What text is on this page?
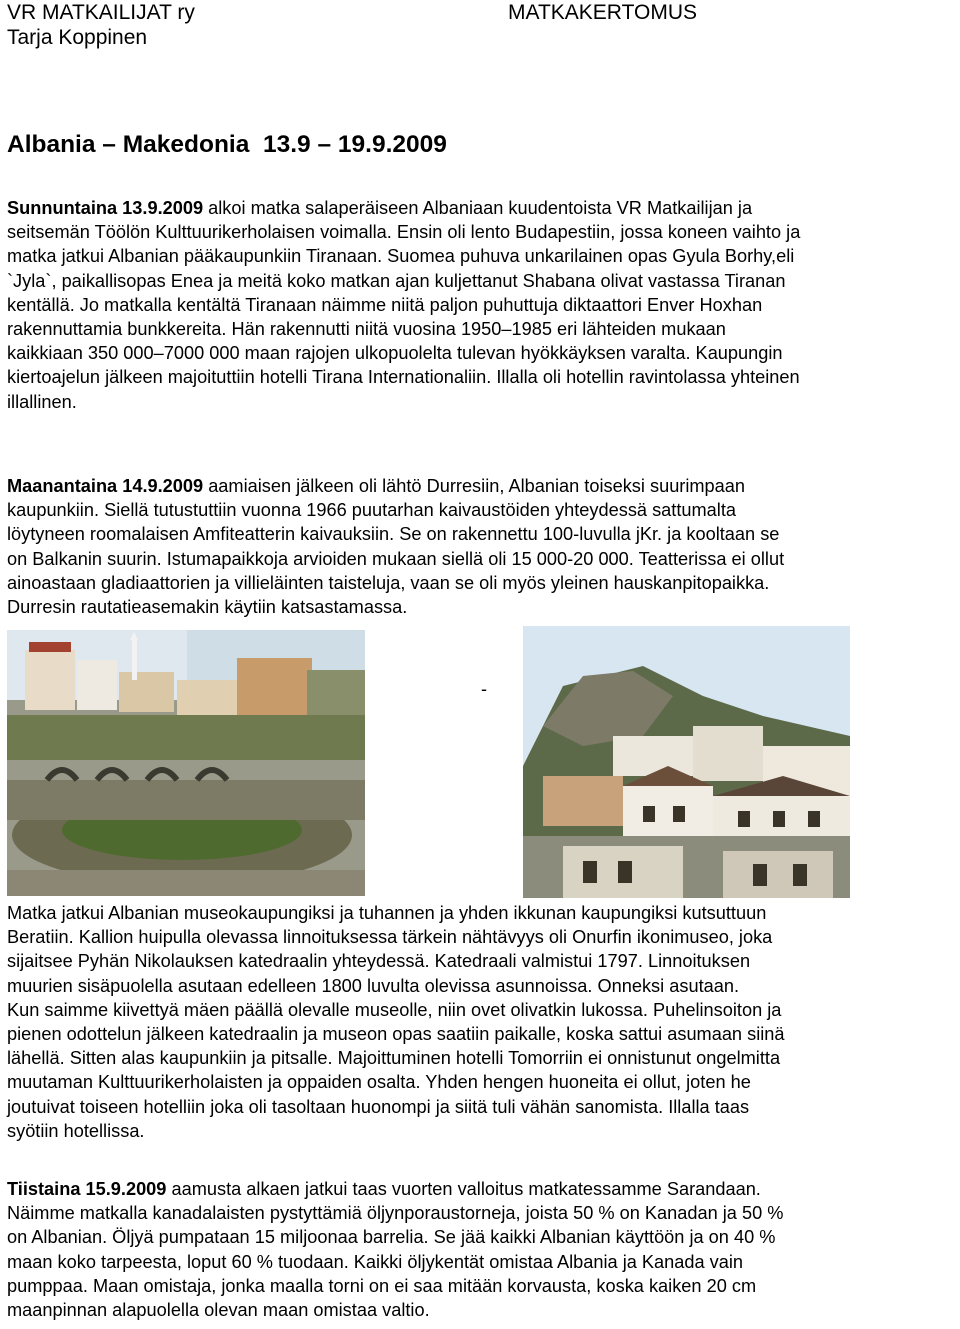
VR MATKAILIJAT ry
Tarja Koppinen
MATKAKERTOMUS
Albania – Makedonia  13.9 – 19.9.2009
Sunnuntaina 13.9.2009 alkoi matka salaperäiseen Albaniaan kuudentoista VR Matkailijan ja
seitsemän Töölön Kulttuurikerholaisen voimalla. Ensin oli lento Budapestiin, jossa koneen vaihto ja
matka jatkui Albanian pääkaupunkiin Tiranaan. Suomea puhuva unkarilainen opas Gyula Borhy,eli
`Jyla`, paikallisopas Enea ja meitä koko matkan ajan kuljettanut Shabana olivat vastassa Tiranan
kentällä. Jo matkalla kentältä Tiranaan näimme niitä paljon puhuttuja diktaattori Enver Hoxhan
rakennuttamia bunkkereita. Hän rakennutti niitä vuosina 1950–1985 eri lähteiden mukaan
kaikkiaan 350 000–7000 000 maan rajojen ulkopuolelta tulevan hyökkäyksen varalta. Kaupungin
kiertoajelun jälkeen majoituttiin hotelli Tirana Internationaliin. Illalla oli hotellin ravintolassa yhteinen
illallinen.
Maanantaina 14.9.2009 aamiaisen jälkeen oli lähtö Durresiin, Albanian toiseksi suurimpaan
kaupunkiin. Siellä tutustuttiin vuonna 1966 puutarhan kaivaustöiden yhteydessä sattumalta
löytyneen roomalaisen Amfiteatterin kaivauksiin. Se on rakennettu 100-luvulla jKr. ja kooltaan se
on Balkanin suurin. Istumapaikkoja arvioiden mukaan siellä oli 15 000-20 000. Teatterissa ei ollut
ainoastaan gladiaattorien ja villieläinten taisteluja, vaan se oli myös yleinen hauskanpitopaikka.
Durresin rautatieasemakin käytiin katsastamassa.
-
Matka jatkui Albanian museokaupungiksi ja tuhannen ja yhden ikkunan kaupungiksi kutsuttuun
Beratiin. Kallion huipulla olevassa linnoituksessa tärkein nähtävyys oli Onurfin ikonimuseo, joka
sijaitsee Pyhän Nikolauksen katedraalin yhteydessä. Katedraali valmistui 1797. Linnoituksen
muurien sisäpuolella asutaan edelleen 1800 luvulta olevissa asunnoissa. Onneksi asutaan.
Kun saimme kiivettyä mäen päällä olevalle museolle, niin ovet olivatkin lukossa. Puhelinsoiton ja
pienen odottelun jälkeen katedraalin ja museon opas saatiin paikalle, koska sattui asumaan siinä
lähellä. Sitten alas kaupunkiin ja pitsalle. Majoittuminen hotelli Tomorriin ei onnistunut ongelmitta
muutaman Kulttuurikerholaisten ja oppaiden osalta. Yhden hengen huoneita ei ollut, joten he
joutuivat toiseen hotelliin joka oli tasoltaan huonompi ja siitä tuli vähän sanomista. Illalla taas
syötiin hotellissa.
Tiistaina 15.9.2009 aamusta alkaen jatkui taas vuorten valloitus matkatessamme Sarandaan.
Näimme matkalla kanadalaisten pystyttämiä öljynporaustorneja, joista 50 % on Kanadan ja 50 %
on Albanian. Öljyä pumpataan 15 miljoonaa barrelia. Se jää kaikki Albanian käyttöön ja on 40 %
maan koko tarpeesta, loput 60 % tuodaan. Kaikki öljykentät omistaa Albania ja Kanada vain
pumppaa. Maan omistaja, jonka maalla torni on ei saa mitään korvausta, koska kaiken 20 cm
maanpinnan alapuolella olevan maan omistaa valtio.
